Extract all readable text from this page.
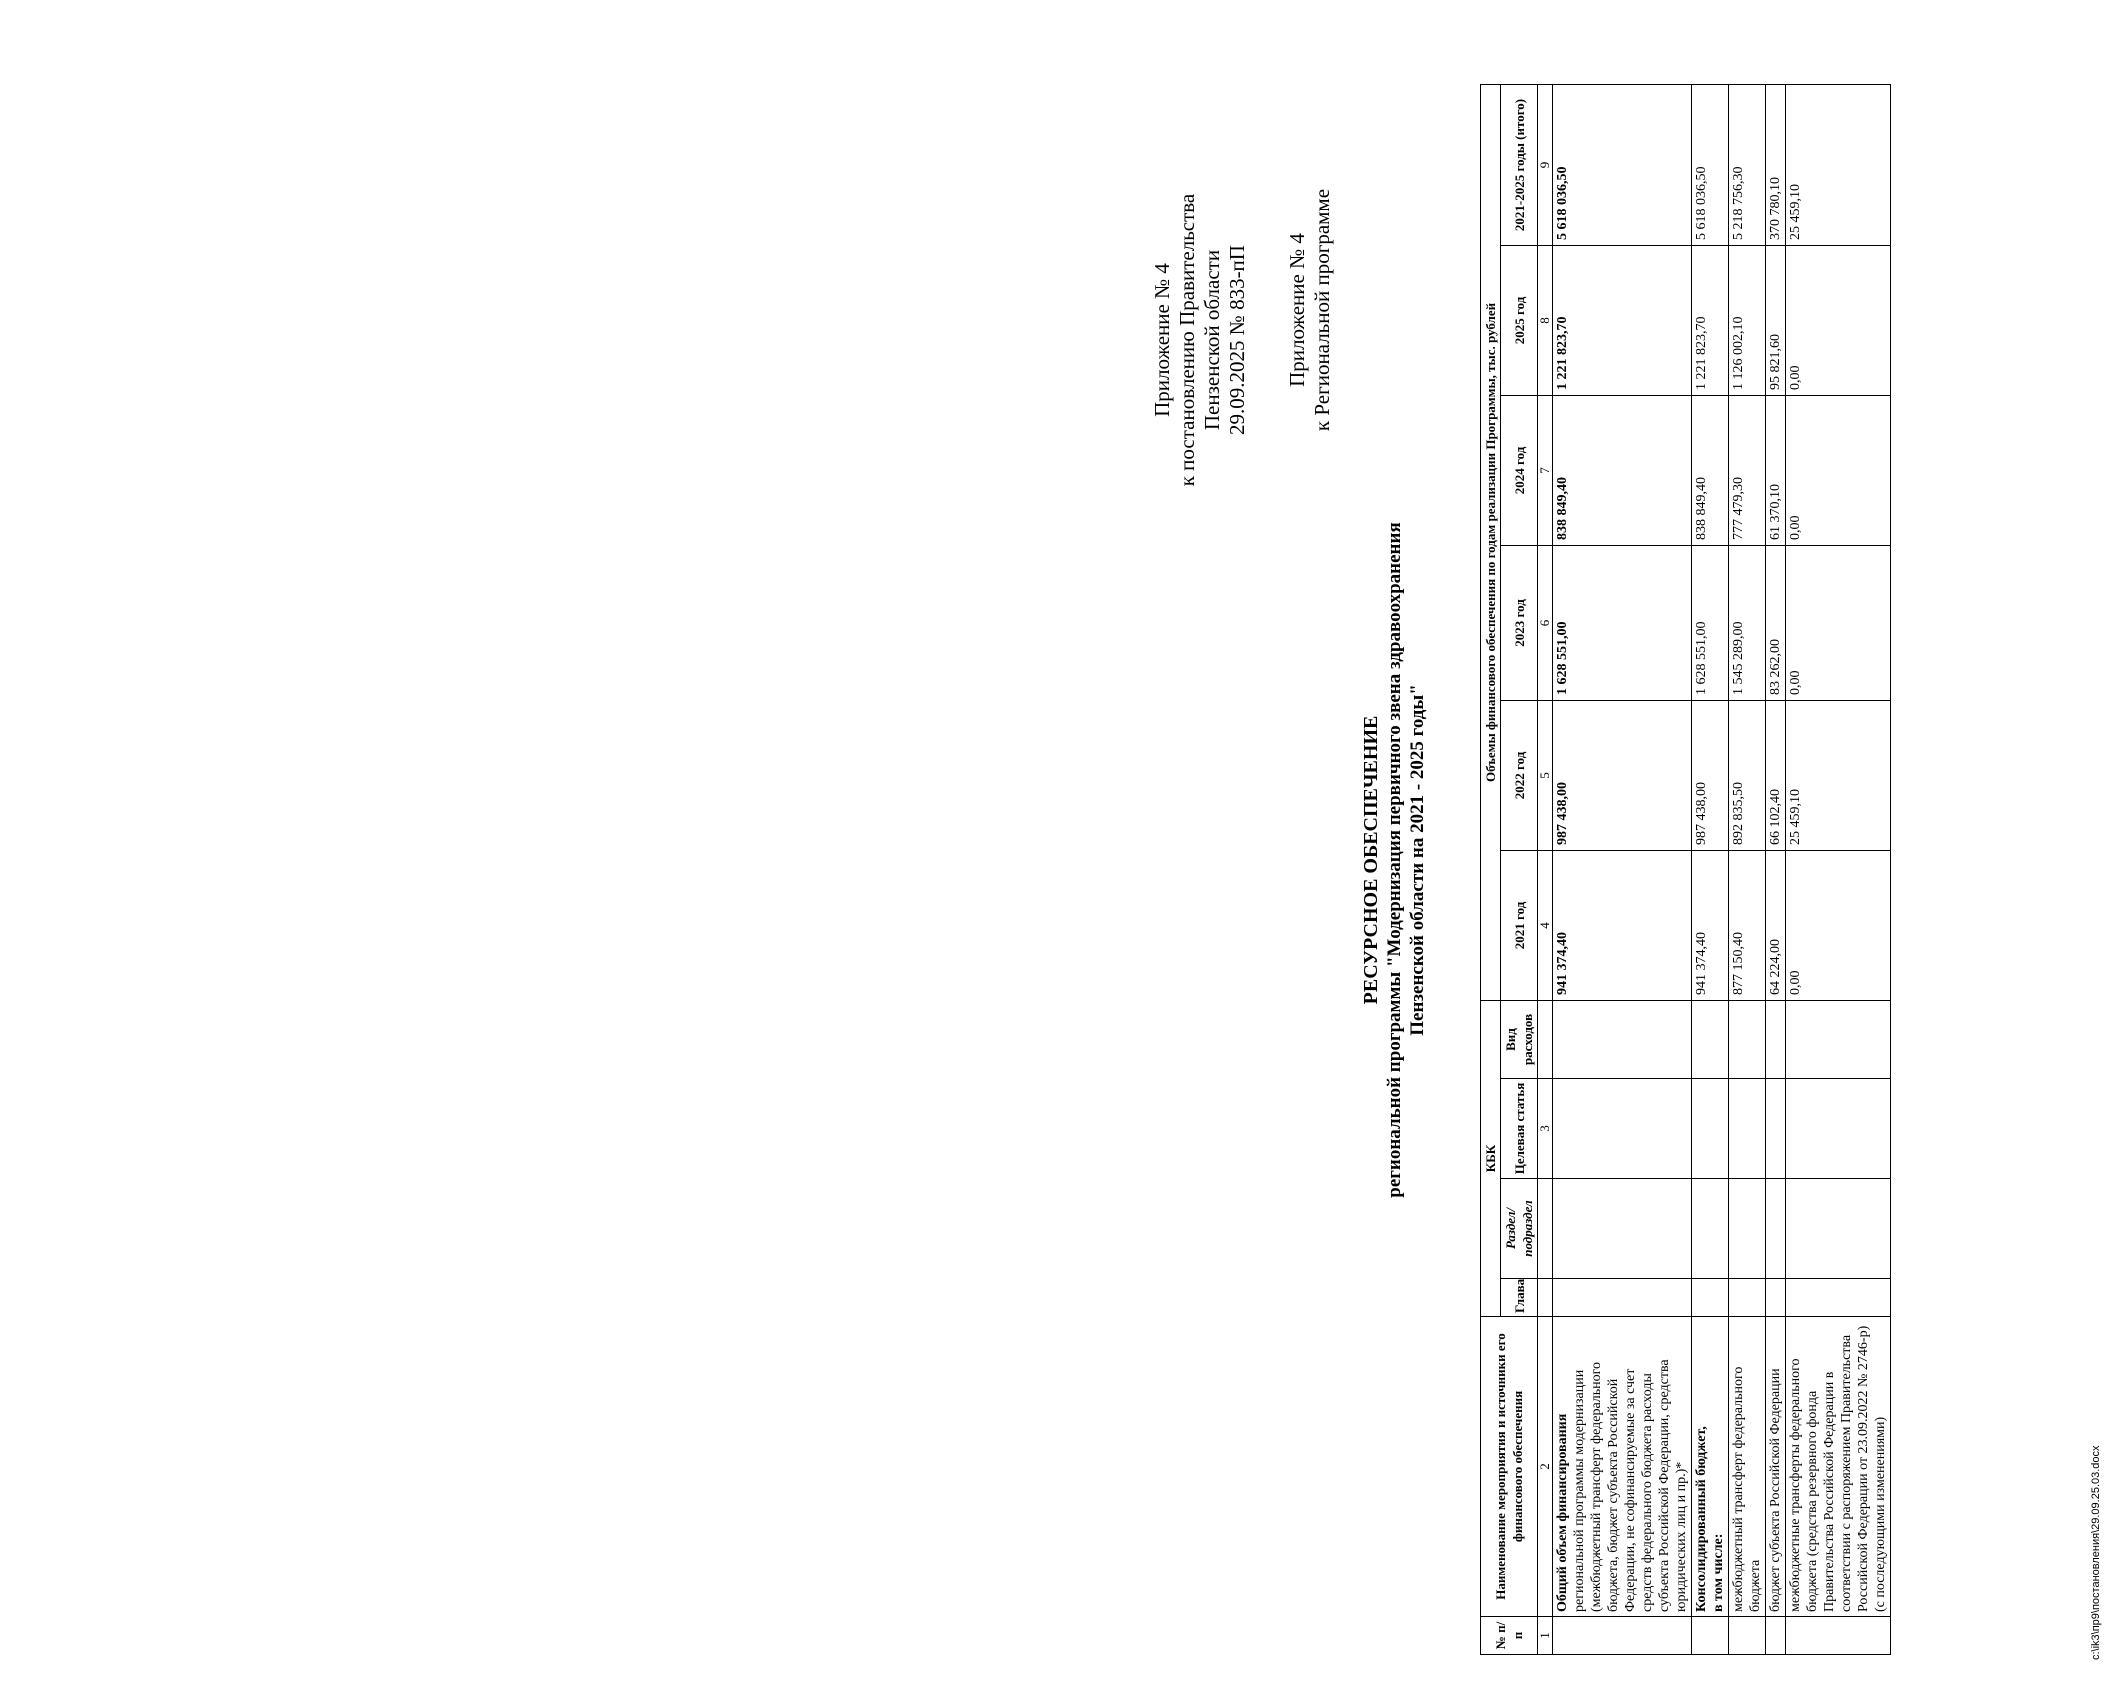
Приложение № 4 к постановлению Правительства Пензенской области 29.09.2025 № 833-пП Приложение № 4 к Региональной программе
РЕСУРСНОЕ ОБЕСПЕЧЕНИЕ региональной программы "Модернизация первичного звена здравоохранения Пензенской области на 2021 - 2025 годы"
№ п/п	Наименование мероприятия и источники его финансового обеспечения	КБК				Объемы финансового обеспечения по годам реализации Программы, тыс. рублей					
		Глава	Раздел/ подраздел	Целевая статья	Вид расходов	2021 год	2022 год	2023 год	2024 год	2025 год	2021-2025 годы (итого)
1	2			3		4	5	6	7	8	9
	Общий объем финансирования региональной программы модернизации (межбюджетный трансферт федерального бюджета, бюджет субъекта Российской Федерации, не софинансируемые за счет средств федерального бюджета расходы субъекта Российской Федерации, средства юридических лиц и пр.)*					941 374,40	987 438,00	1 628 551,00	838 849,40	1 221 823,70	5 618 036,50
	Консолидированный бюджет, в том числе:					941 374,40	987 438,00	1 628 551,00	838 849,40	1 221 823,70	5 618 036,50
	межбюджетный трансферт федерального бюджета					877 150,40	892 835,50	1 545 289,00	777 479,30	1 126 002,10	5 218 756,30
	бюджет субъекта Российской Федерации					64 224,00	66 102,40	83 262,00	61 370,10	95 821,60	370 780,10
	межбюджетные трансферты федерального бюджета (средства резервного фонда Правительства Российской Федерации в соответствии с распоряжением Правительства Российской Федерации от 23.09.2022 № 2746-р) (с последующими изменениями)					0,00	25 459,10	0,00	0,00	0,00	25 459,10
c:\ik3\пр9\постановления\29.09.25.03.docx
